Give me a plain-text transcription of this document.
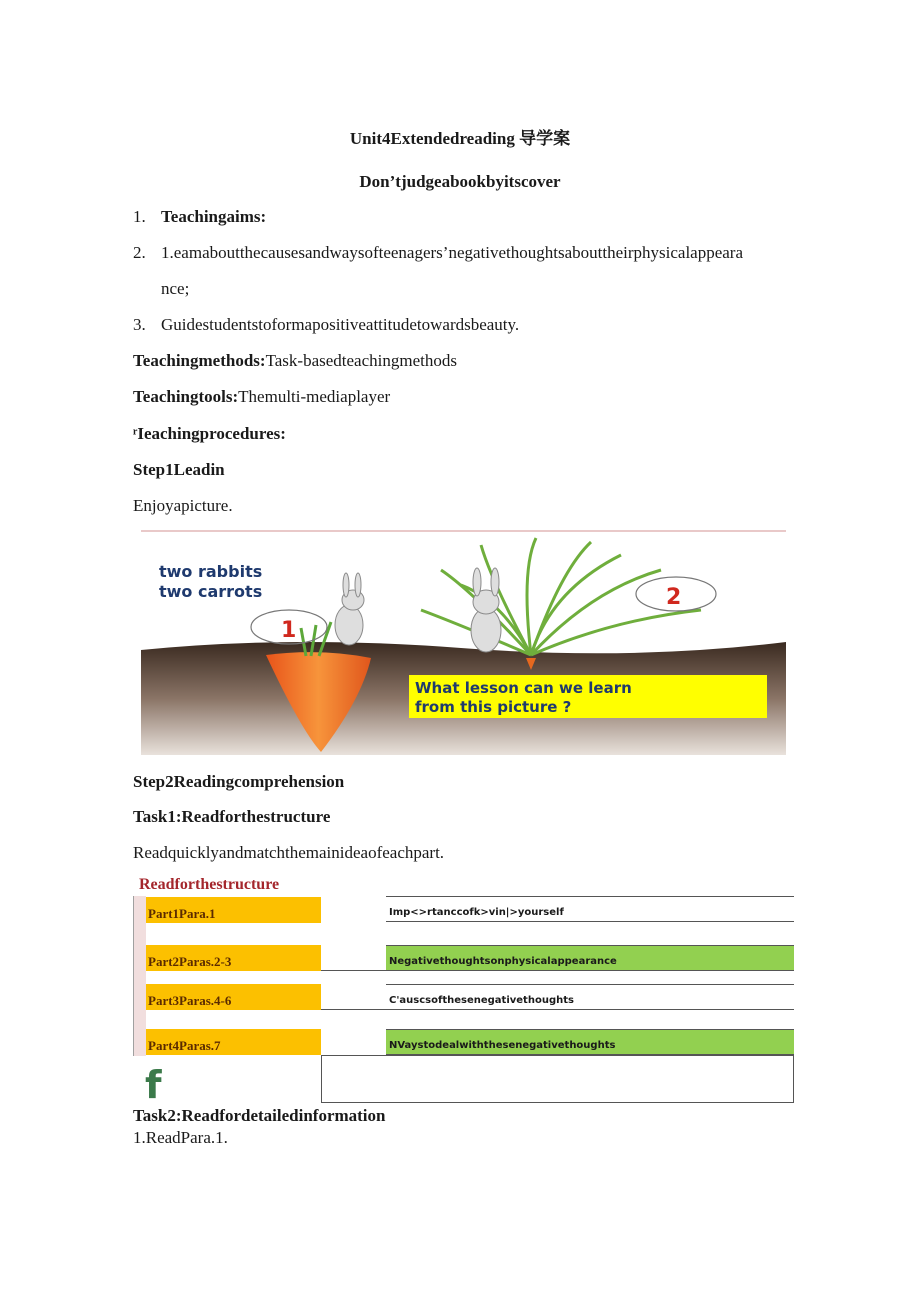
Unit4Extendedreading 导学案
Don’tjudgeabookbyitscover
1. Teachingaims:
2. 1.eamaboutthecausesandwaysofteenagers’negativethoughtsabouttheirphysicalappeara
nce;
3. Guidestudentstoformapositiveattitudetowardsbeauty.
Teachingmethods:Task-basedteachingmethods
Teachingtools:Themulti-mediaplayer
ʳIeachingprocedures:
Step1Leadin
Enjoyapicture.
1
2
two rabbits
two carrots
What lesson can we learn
from this picture ?
Step2Readingcomprehension
Task1:Readforthestructure
Readquicklyandmatchthemainideaofeachpart.
Readforthestructure
Part1Para.1	Imp<>rtanccofk>vin|>yourself
Part2Paras.2-3	Negativethoughtsonphysicalappearance
Part3Paras.4-6	C'auscsofthesenegativethoughts
Part4Paras.7	NVaystodealwiththesenegativethoughts
f
Task2:Readfordetailedinformation
1.ReadPara.1.
